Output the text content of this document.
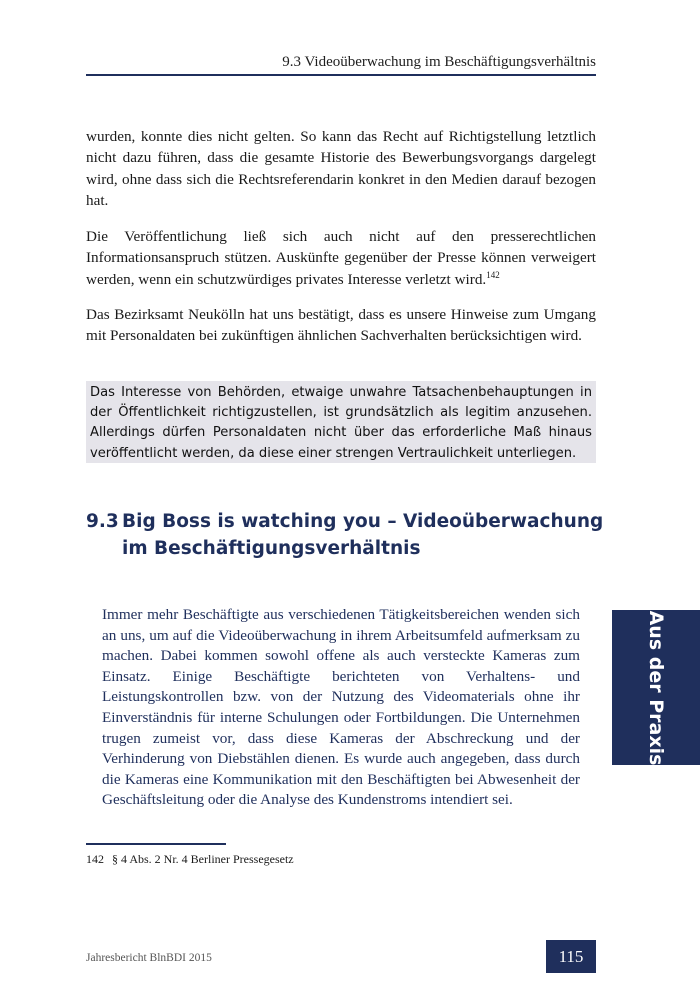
9.3 Videoüberwachung im Beschäftigungsverhältnis

wurden, konnte dies nicht gelten. So kann das Recht auf Richtigstellung letztlich nicht dazu führen, dass die gesamte Historie des Bewerbungsvorgangs dargelegt wird, ohne dass sich die Rechtsreferendarin konkret in den Medien darauf bezogen hat.

Die Veröffentlichung ließ sich auch nicht auf den presserechtlichen Informationsanspruch stützen. Auskünfte gegenüber der Presse können verweigert werden, wenn ein schutzwürdiges privates Interesse verletzt wird.$^{142}$

Das Bezirksamt Neukölln hat uns bestätigt, dass es unsere Hinweise zum Umgang mit Personaldaten bei zukünftigen ähnlichen Sachverhalten berücksichtigen wird.

Das Interesse von Behörden, etwaige unwahre Tatsachenbehauptungen in der Öffentlichkeit richtigzustellen, ist grundsätzlich als legitim anzusehen. Allerdings dürfen Personaldaten nicht über das erforderliche Maß hinaus veröffentlicht werden, da diese einer strengen Vertraulichkeit unterliegen.
9.3 Big Boss is watching you – Videoüberwachung im Beschäftigungsverhältnis

Immer mehr Beschäftigte aus verschiedenen Tätigkeitsbereichen wenden sich an uns, um auf die Videoüberwachung in ihrem Arbeitsumfeld aufmerksam zu machen. Dabei kommen sowohl offene als auch versteckte Kameras zum Einsatz. Einige Beschäftigte berichteten von Verhaltens- und Leistungskontrollen bzw. von der Nutzung des Videomaterials ohne ihr Einverständnis für interne Schulungen oder Fortbildungen. Die Unternehmen trugen zumeist vor, dass diese Kameras der Abschreckung und der Verhinderung von Diebstählen dienen. Es wurde auch angegeben, dass durch die Kameras eine Kommunikation mit den Beschäftigten bei Abwesenheit der Geschäftsleitung oder die Analyse des Kundenstroms intendiert sei.

Aus der Praxis
142 § 4 Abs. 2 Nr. 4 Berliner Pressegesetz
Jahresbericht BlnBDI 2015	115
